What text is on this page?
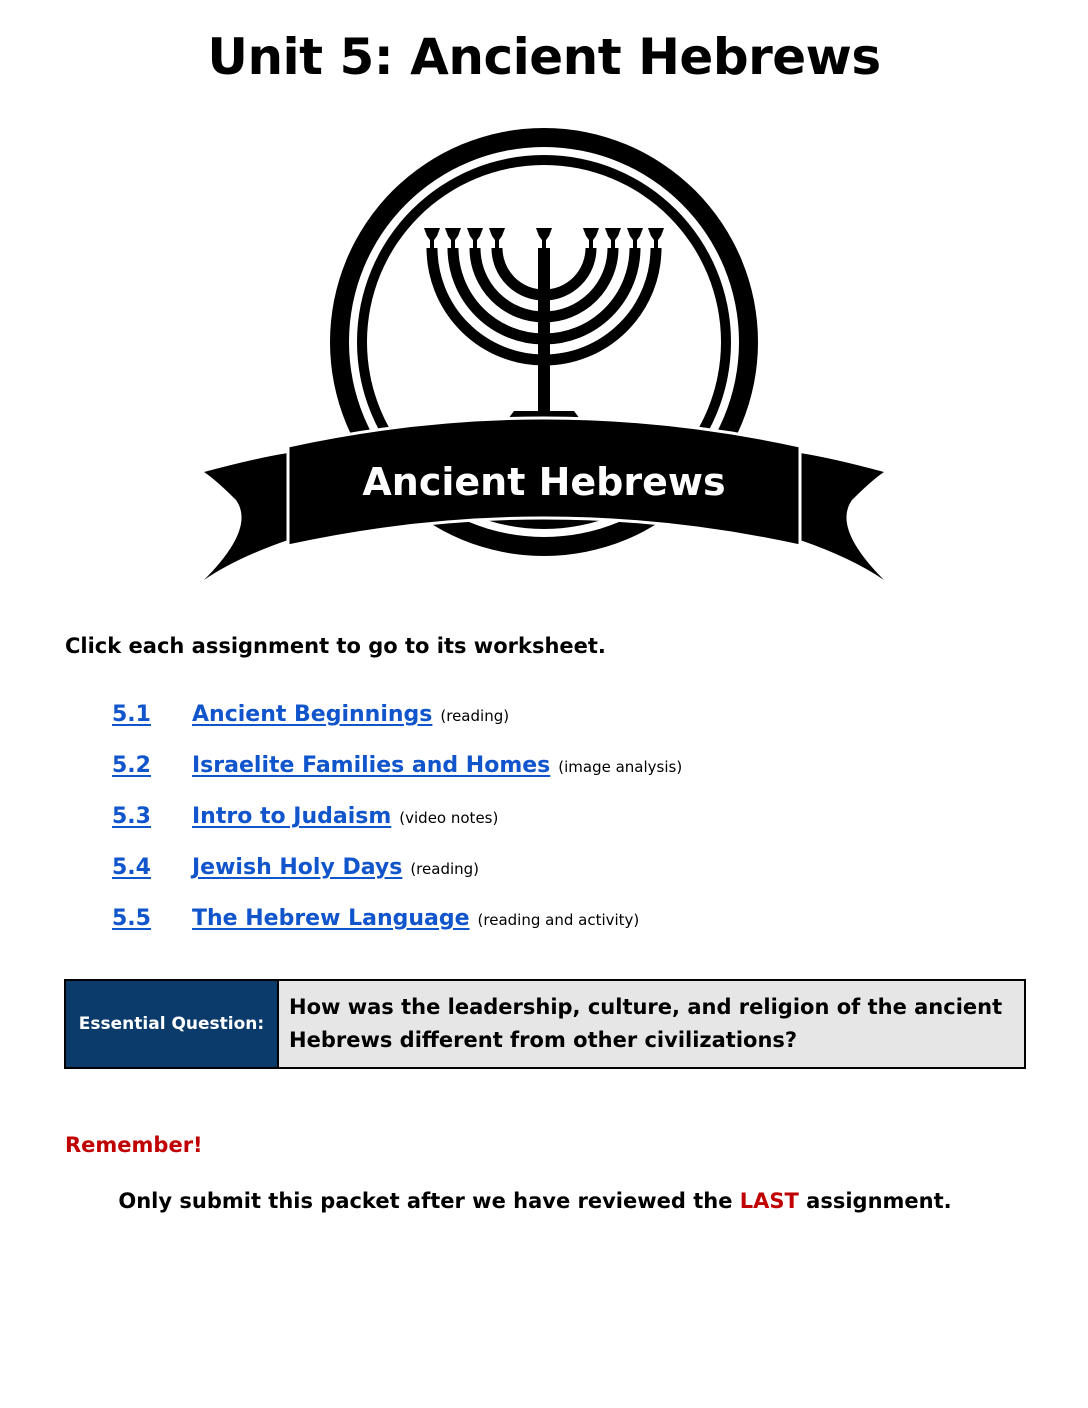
Unit 5: Ancient Hebrews
Ancient Hebrews

Click each assignment to go to its worksheet.

5.1	Ancient Beginnings (reading)
5.2	Israelite Families and Homes (image analysis)
5.3	Intro to Judaism (video notes)
5.4	Jewish Holy Days (reading)
5.5	The Hebrew Language (reading and activity)
Essential Question:
How was the leadership, culture, and religion of the ancient Hebrews different from other civilizations?
Remember!
Only submit this packet after we have reviewed the LAST assignment.
